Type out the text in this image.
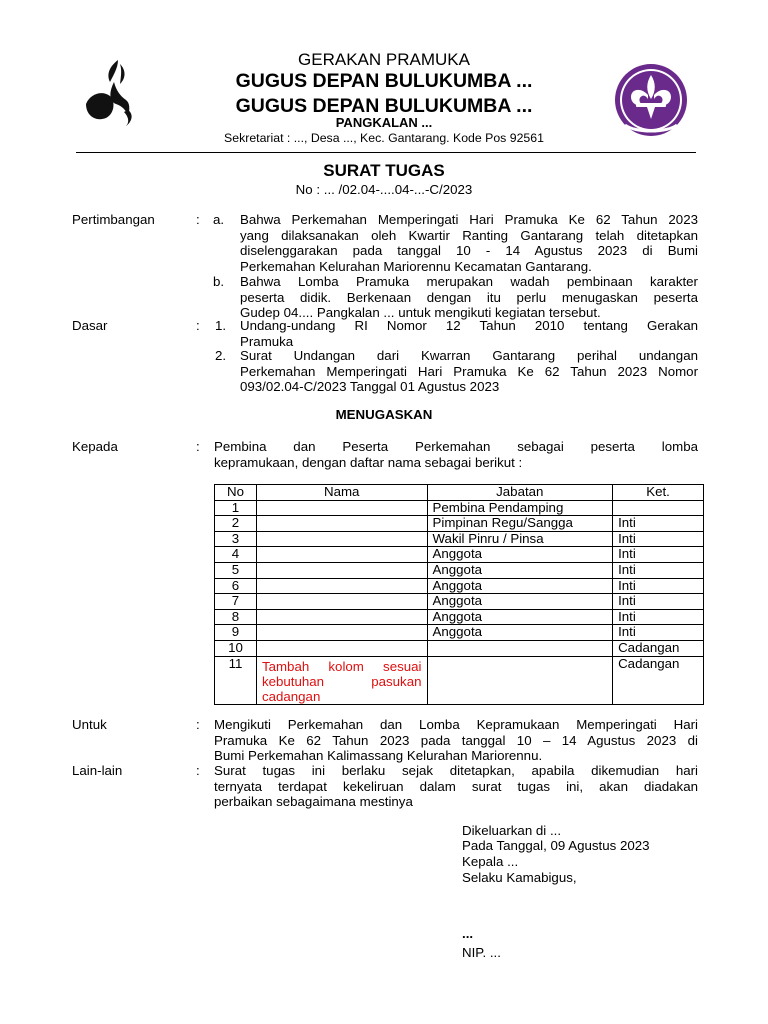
GERAKAN PRAMUKA
GUGUS DEPAN BULUKUMBA ...
GUGUS DEPAN BULUKUMBA ...
PANGKALAN ...
Sekretariat : ..., Desa ..., Kec. Gantarang. Kode Pos 92561
SURAT TUGAS
No : ... /02.04-....04-...-C/2023
Pertimbangan	: a. Bahwa Perkemahan Memperingati Hari Pramuka Ke 62 Tahun 2023
yang dilaksanakan oleh Kwartir Ranting Gantarang telah ditetapkan
diselenggarakan pada tanggal 10 - 14 Agustus 2023 di Bumi
Perkemahan Kelurahan Mariorennu Kecamatan Gantarang.
b. Bahwa Lomba Pramuka merupakan wadah pembinaan karakter
peserta didik. Berkenaan dengan itu perlu menugaskan peserta
Gudep 04.... Pangkalan ... untuk mengikuti kegiatan tersebut.
Dasar	: 1. Undang-undang RI Nomor 12 Tahun 2010 tentang Gerakan
Pramuka
2. Surat Undangan dari Kwarran Gantarang perihal undangan
Perkemahan Memperingati Hari Pramuka Ke 62 Tahun 2023 Nomor
093/02.04-C/2023 Tanggal 01 Agustus 2023
MENUGASKAN
Kepada	: Pembina dan Peserta Perkemahan sebagai peserta lomba
kepramukaan, dengan daftar nama sebagai berikut :
No	Nama	Jabatan	Ket.
1		Pembina Pendamping	
2		Pimpinan Regu/Sangga	Inti
3		Wakil Pinru / Pinsa	Inti
4		Anggota	Inti
5		Anggota	Inti
6		Anggota	Inti
7		Anggota	Inti
8		Anggota	Inti
9		Anggota	Inti
10			Cadangan
11	Tambah kolom sesuai
kebutuhan pasukan
cadangan		Cadangan
Untuk	: Mengikuti Perkemahan dan Lomba Kepramukaan Memperingati Hari
Pramuka Ke 62 Tahun 2023 pada tanggal 10 – 14 Agustus 2023 di
Bumi Perkemahan Kalimassang Kelurahan Mariorennu.
Lain-lain	: Surat tugas ini berlaku sejak ditetapkan, apabila dikemudian hari
ternyata terdapat kekeliruan dalam surat tugas ini, akan diadakan
perbaikan sebagaimana mestinya
Dikeluarkan di ...
Pada Tanggal, 09 Agustus 2023
Kepala ...
Selaku Kamabigus,
...
NIP. ...
